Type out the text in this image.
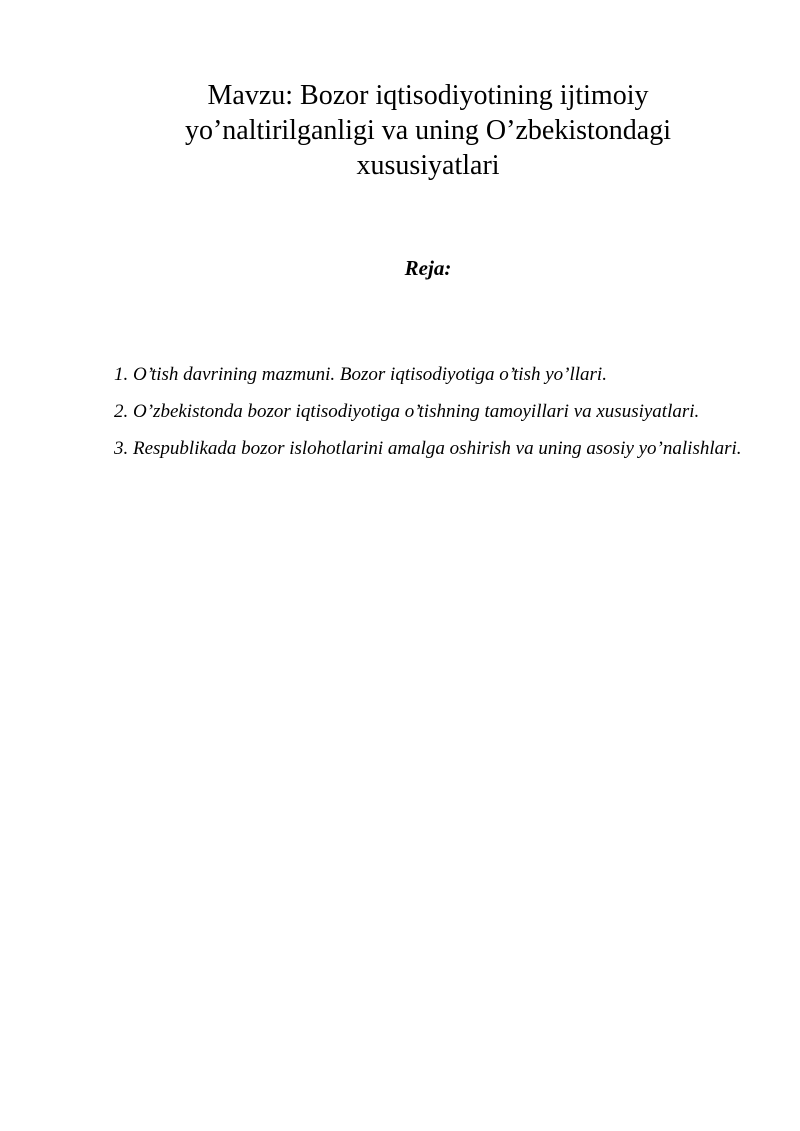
Mavzu: Bozor iqtisodiyotining ijtimoiy
yo’naltirilganligi va uning O’zbekistondagi
xususiyatlari
Reja:
1. O’tish davrining mazmuni. Bozor iqtisodiyotiga o’tish yo’llari.
2. O’zbekistonda bozor iqtisodiyotiga o’tishning tamoyillari va xususiyatlari.
3. Respublikada bozor islohotlarini amalga oshirish va uning asosiy yo’nalishlari.
